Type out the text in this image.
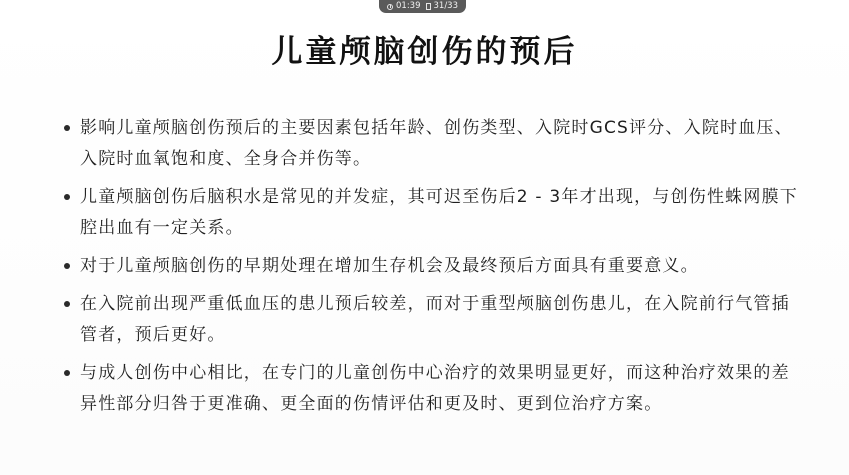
01:39 31/33
儿童颅脑创伤的预后
影响儿童颅脑创伤预后的主要因素包括年龄、创伤类型、入院时GCS评分、入院时血压、入院时血氧饱和度、全身合并伤等。
儿童颅脑创伤后脑积水是常见的并发症，其可迟至伤后2 - 3年才出现，与创伤性蛛网膜下腔出血有一定关系。
对于儿童颅脑创伤的早期处理在增加生存机会及最终预后方面具有重要意义。
在入院前出现严重低血压的患儿预后较差，而对于重型颅脑创伤患儿，在入院前行气管插管者，预后更好。
与成人创伤中心相比，在专门的儿童创伤中心治疗的效果明显更好，而这种治疗效果的差异性部分归咎于更准确、更全面的伤情评估和更及时、更到位治疗方案。
